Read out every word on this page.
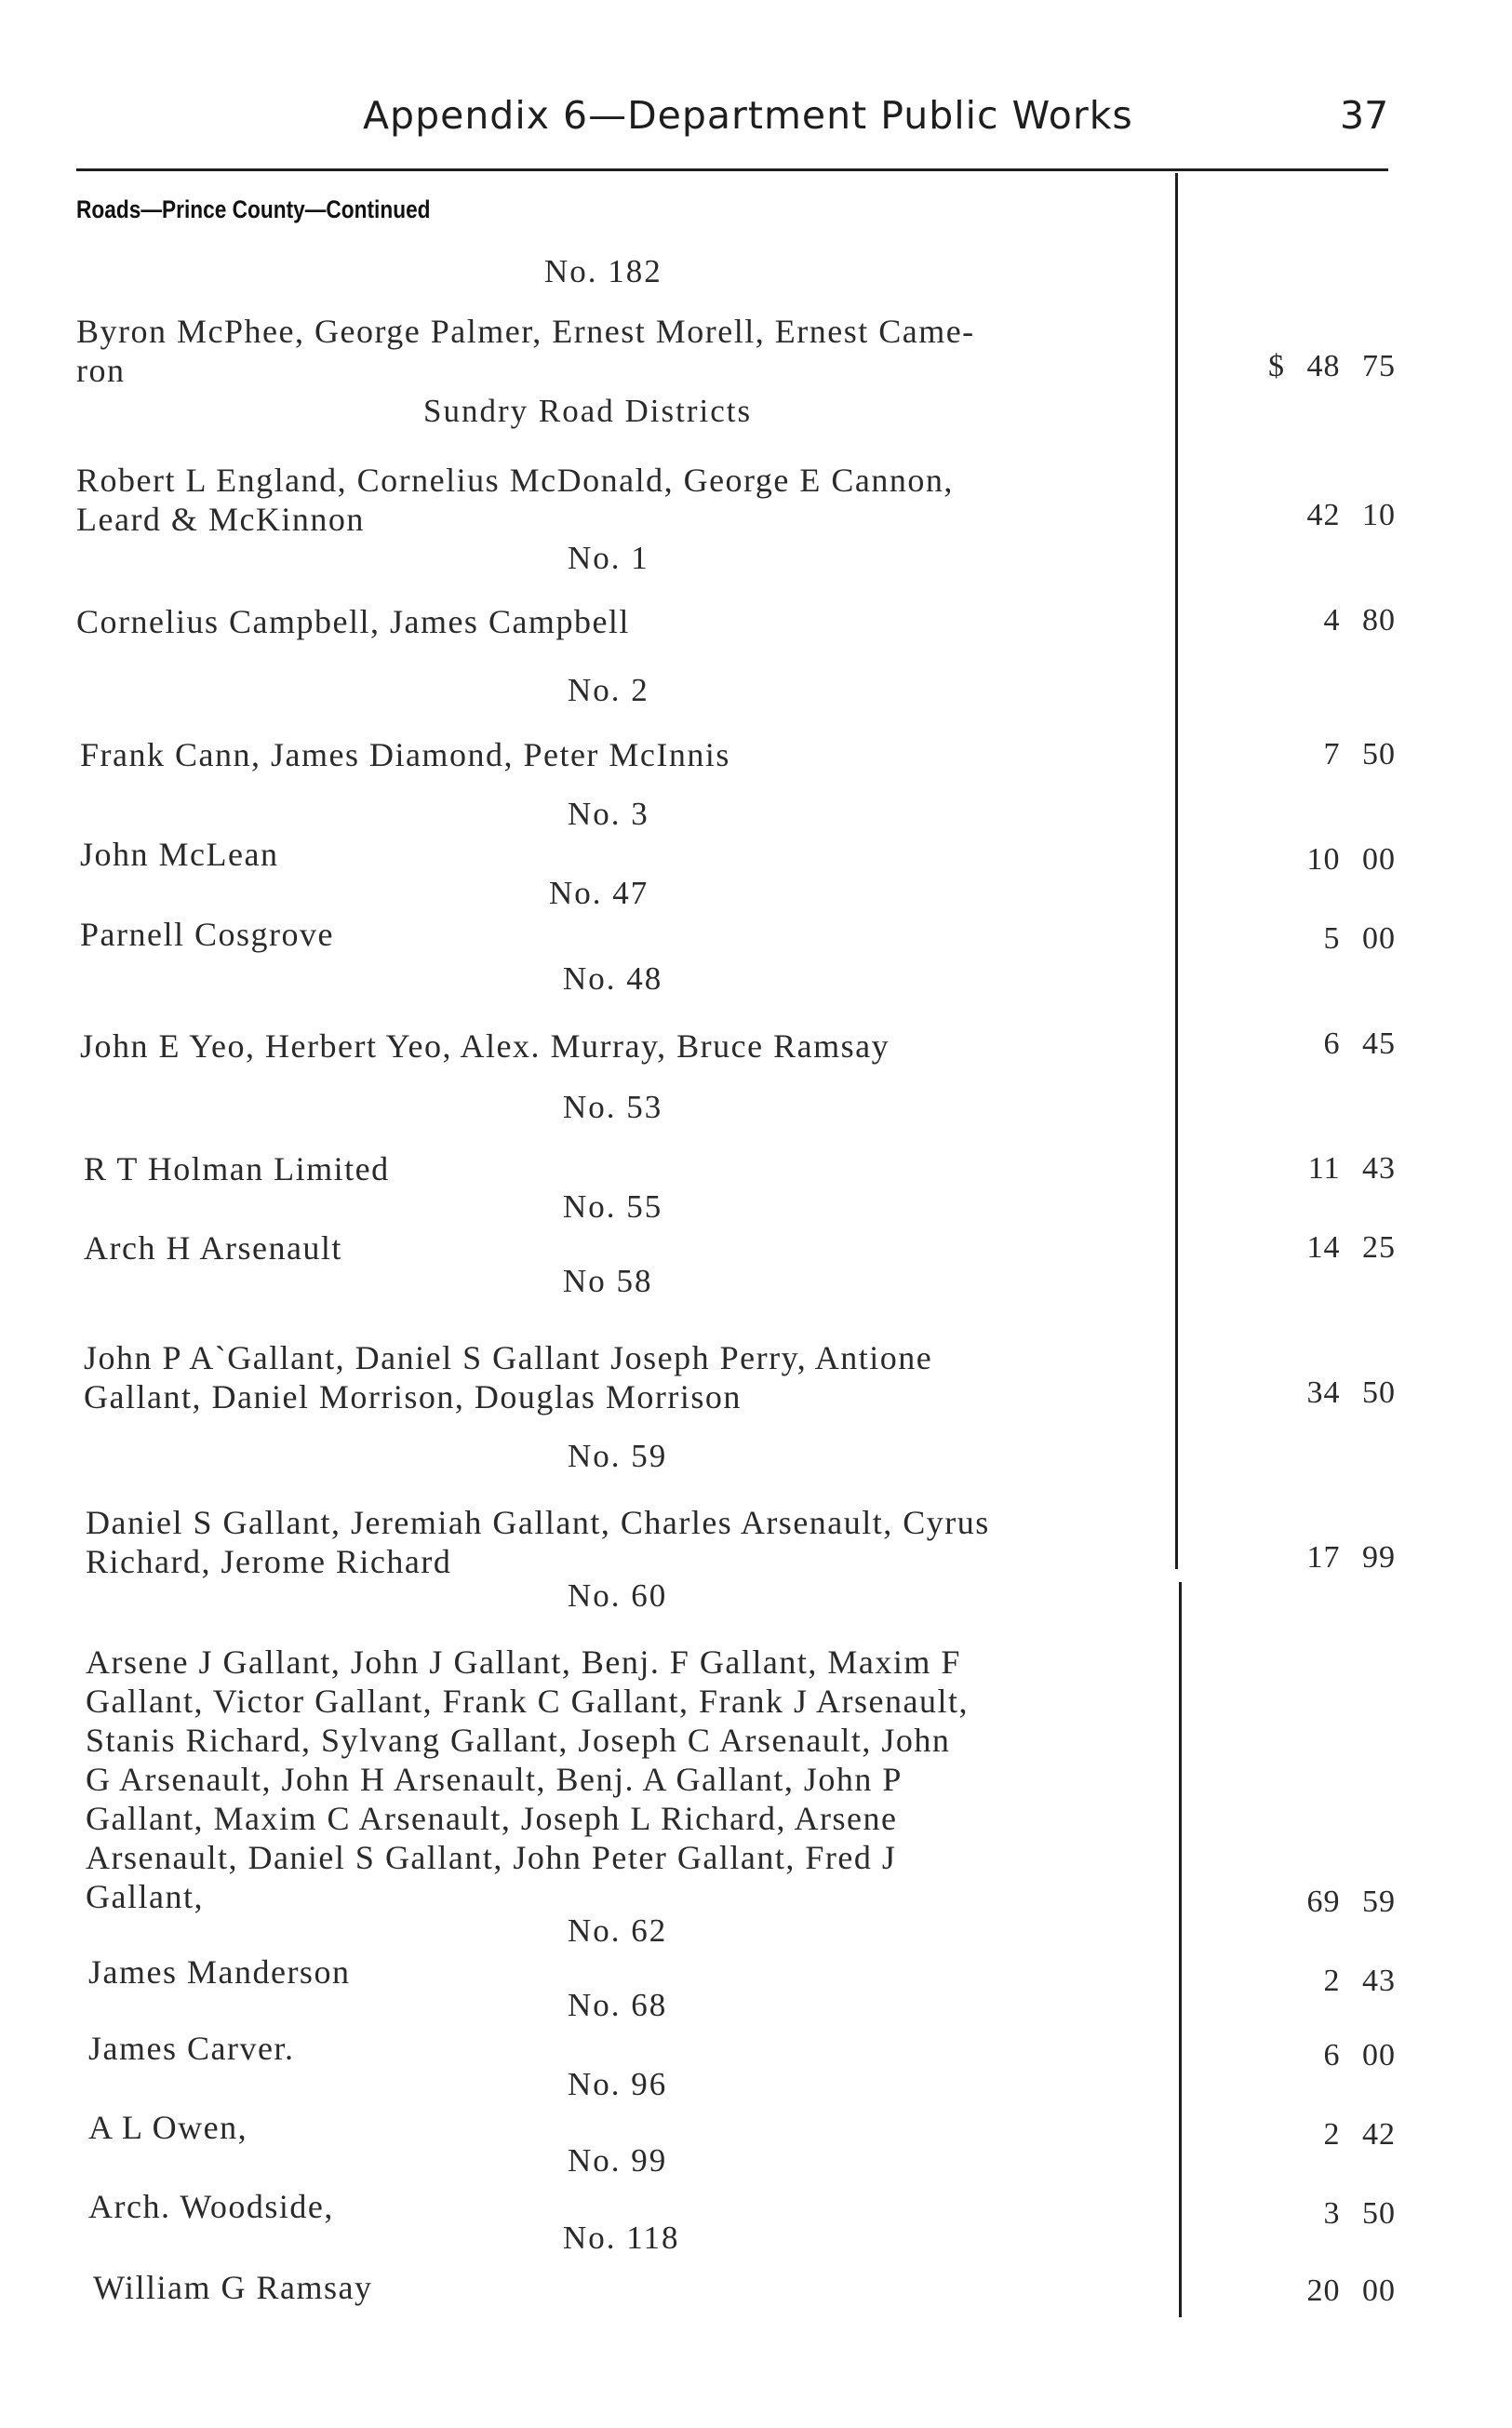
Appendix 6—Department Public Works	37
Roads—Prince County—Continued
No. 182
Byron McPhee, George Palmer, Ernest Morell, Ernest Came-
ron	$ 48 75
Sundry Road Districts
Robert L England, Cornelius McDonald, George E Cannon,
Leard & McKinnon	42 10
No. 1
Cornelius Campbell, James Campbell	4 80
No. 2
Frank Cann, James Diamond, Peter McInnis	7 50
No. 3
John McLean	10 00
No. 47
Parnell Cosgrove	5 00
No. 48
John E Yeo, Herbert Yeo, Alex. Murray, Bruce Ramsay	6 45
No. 53
R T Holman Limited	11 43
No. 55
Arch H Arsenault	14 25
No 58
John P A`Gallant, Daniel S Gallant Joseph Perry, Antione
Gallant, Daniel Morrison, Douglas Morrison	34 50
No. 59
Daniel S Gallant, Jeremiah Gallant, Charles Arsenault, Cyrus
Richard, Jerome Richard	17 99
No. 60
Arsene J Gallant, John J Gallant, Benj. F Gallant, Maxim F
Gallant, Victor Gallant, Frank C Gallant, Frank J Arsenault,
Stanis Richard, Sylvang Gallant, Joseph C Arsenault, John
G Arsenault, John H Arsenault, Benj. A Gallant, John P
Gallant, Maxim C Arsenault, Joseph L Richard, Arsene
Arsenault, Daniel S Gallant, John Peter Gallant, Fred J
Gallant,	69 59
No. 62
James Manderson	2 43
No. 68
James Carver.	6 00
No. 96
A L Owen,	2 42
No. 99
Arch. Woodside,	3 50
No. 118
William G Ramsay	20 00
